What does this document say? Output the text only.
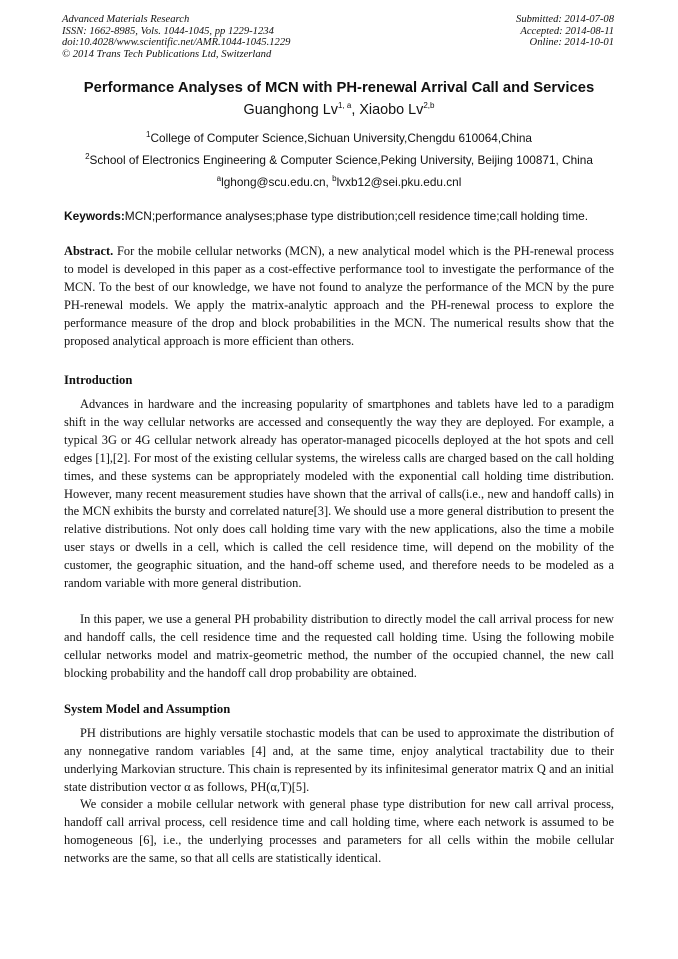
Advanced Materials Research
ISSN: 1662-8985, Vols. 1044-1045, pp 1229-1234
doi:10.4028/www.scientific.net/AMR.1044-1045.1229
© 2014 Trans Tech Publications Ltd, Switzerland
Submitted: 2014-07-08
Accepted: 2014-08-11
Online: 2014-10-01
Performance Analyses of MCN with PH-renewal Arrival Call and Services
Guanghong Lv$^{1, a}$, Xiaobo Lv$^{2,b}$
$^1$College of Computer Science,Sichuan University,Chengdu 610064,China
$^2$School of Electronics Engineering & Computer Science,Peking University, Beijing 100871, China
$^a$lghong@scu.edu.cn, $^b$lvxb12@sei.pku.edu.cnl
Keywords:MCN;performance analyses;phase type distribution;cell residence time;call holding time.
Abstract. For the mobile cellular networks (MCN), a new analytical model which is the PH-renewal process to model is developed in this paper as a cost-effective performance tool to investigate the performance of the MCN. To the best of our knowledge, we have not found to analyze the performance of the MCN by the pure PH-renewal models. We apply the matrix-analytic approach and the PH-renewal process to explore the performance measure of the drop and block probabilities in the MCN. The numerical results show that the proposed analytical approach is more efficient than others.
Introduction
Advances in hardware and the increasing popularity of smartphones and tablets have led to a paradigm shift in the way cellular networks are accessed and consequently the way they are deployed. For example, a typical 3G or 4G cellular network already has operator-managed picocells deployed at the hot spots and cell edges [1],[2]. For most of the existing cellular systems, the wireless calls are charged based on the call holding times, and these systems can be appropriately modeled with the exponential call holding time distribution. However, many recent measurement studies have shown that the arrival of calls(i.e., new and handoff calls) in the MCN exhibits the bursty and correlated nature[3]. We should use a more general distribution to present the relative distributions. Not only does call holding time vary with the new applications, also the time a mobile user stays or dwells in a cell, which is called the cell residence time, will depend on the mobility of the customer, the geographic situation, and the hand-off scheme used, and therefore needs to be modeled as a random variable with more general distribution.
In this paper, we use a general PH probability distribution to directly model the call arrival process for new and handoff calls, the cell residence time and the requested call holding time. Using the following mobile cellular networks model and matrix-geometric method, the number of the occupied channel, the new call blocking probability and the handoff call drop probability are obtained.
System Model and Assumption
PH distributions are highly versatile stochastic models that can be used to approximate the distribution of any nonnegative random variables [4] and, at the same time, enjoy analytical tractability due to their underlying Markovian structure. This chain is represented by its infinitesimal generator matrix Q and an initial state distribution vector α as follows, PH(α,T)[5].
We consider a mobile cellular network with general phase type distribution for new call arrival process, handoff call arrival process, cell residence time and call holding time, where each network is assumed to be homogeneous [6], i.e., the underlying processes and parameters for all cells within the mobile cellular networks are the same, so that all cells are statistically identical.
